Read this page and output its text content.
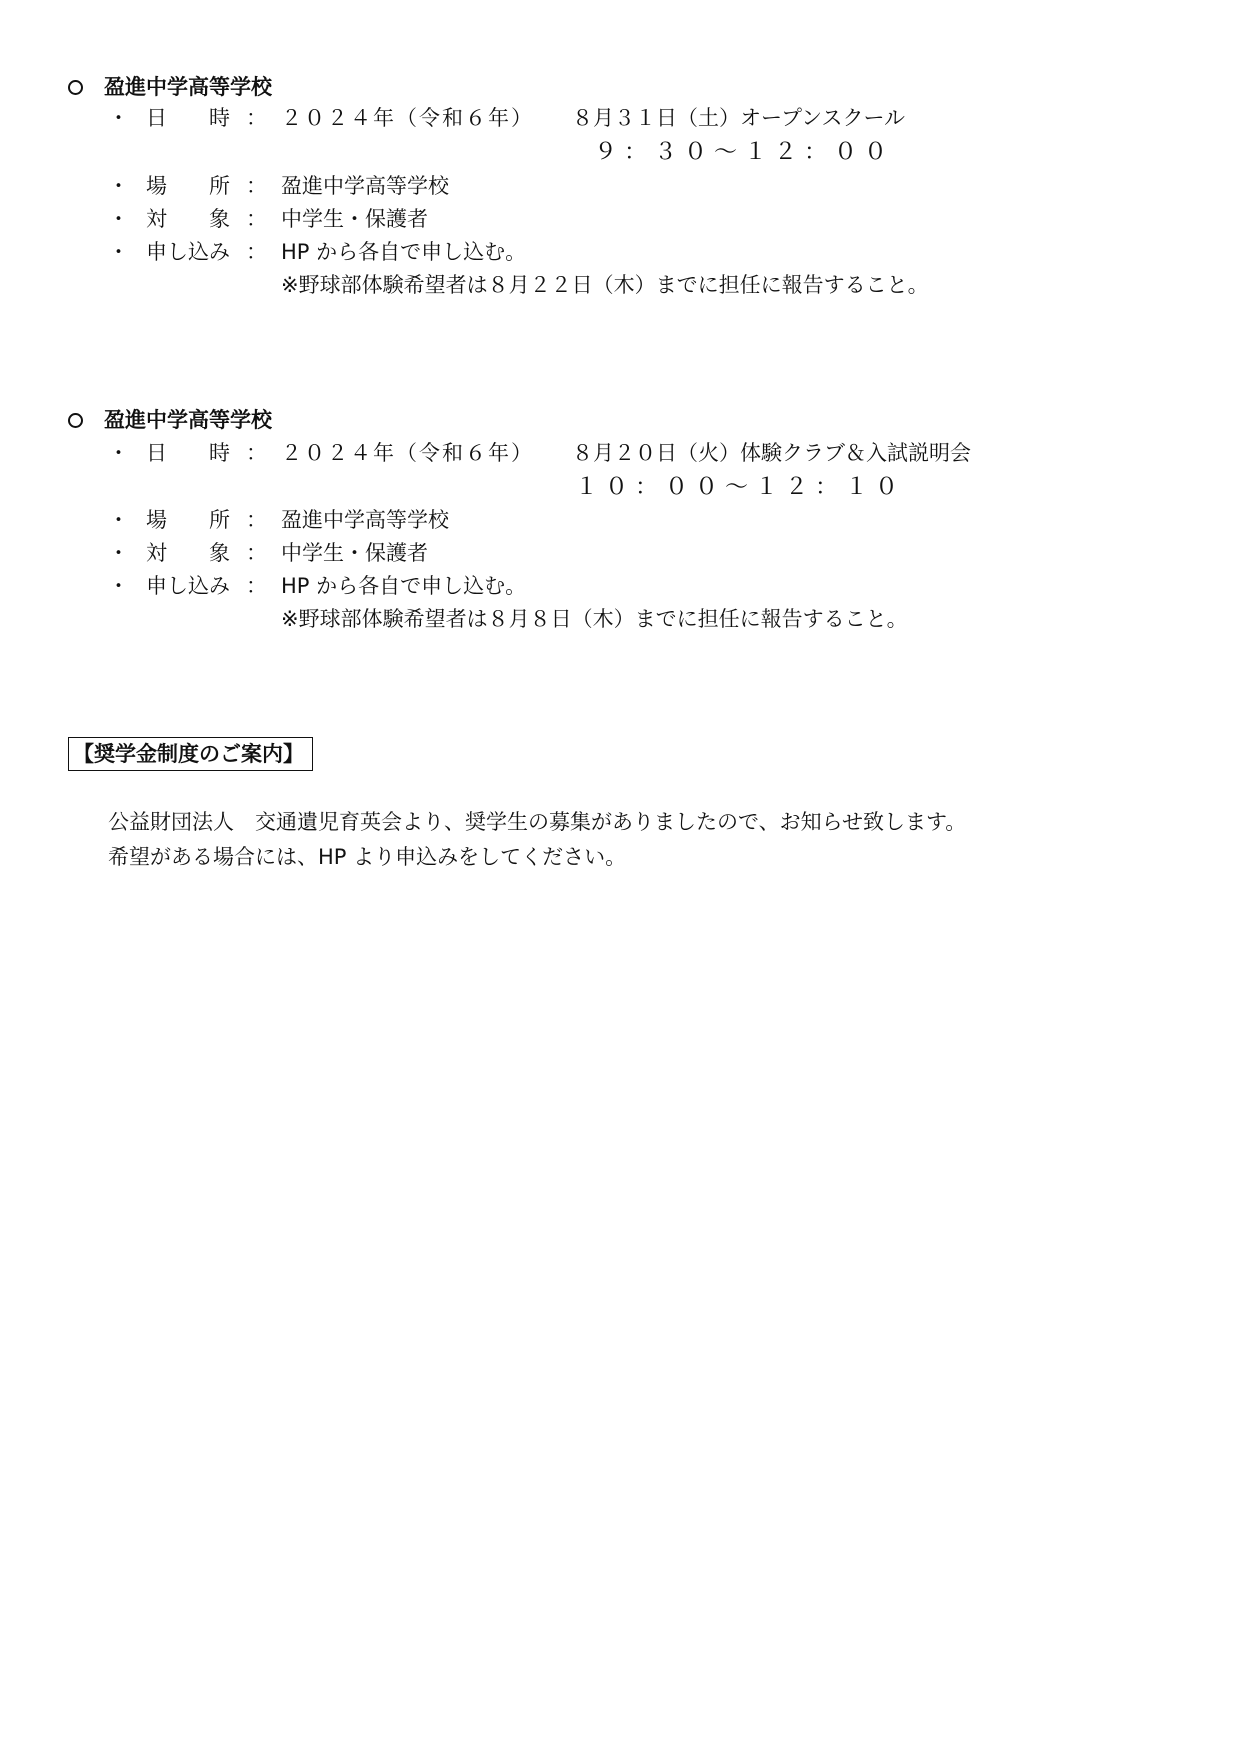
盈進中学高等学校
・ 日　　時 ： ２０２４年（令和６年） ８月３１日（土）オープンスクール
９：３０～１２：００
・ 場　　所 ： 盈進中学高等学校
・ 対　　象 ： 中学生・保護者
・ 申し込み ： HP から各自で申し込む。
※野球部体験希望者は８月２２日（木）までに担任に報告すること。
盈進中学高等学校
・ 日　　時 ： ２０２４年（令和６年） ８月２０日（火）体験クラブ＆入試説明会
１０：００～１２：１０
・ 場　　所 ： 盈進中学高等学校
・ 対　　象 ： 中学生・保護者
・ 申し込み ： HP から各自で申し込む。
※野球部体験希望者は８月８日（木）までに担任に報告すること。
【奨学金制度のご案内】
公益財団法人　交通遺児育英会より、奨学生の募集がありましたので、お知らせ致します。
希望がある場合には、HP より申込みをしてください。
